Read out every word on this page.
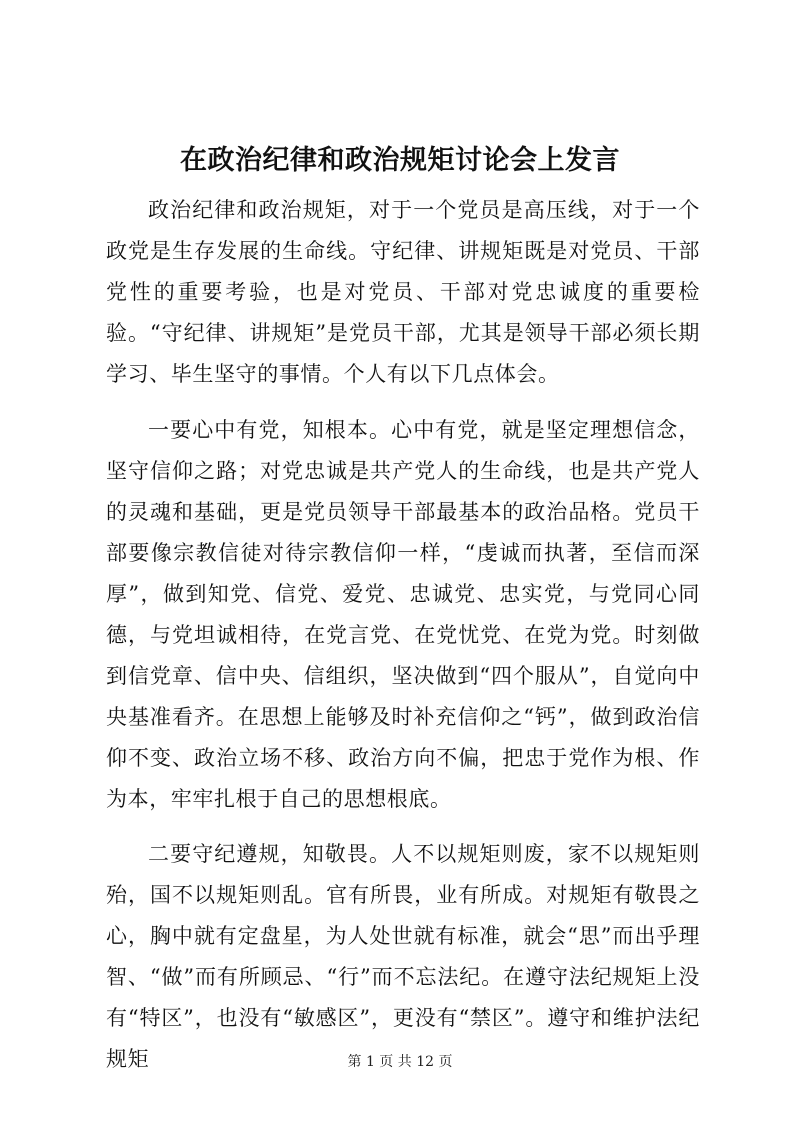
在政治纪律和政治规矩讨论会上发言

政治纪律和政治规矩，对于一个党员是高压线，对于一个政党是生存发展的生命线。守纪律、讲规矩既是对党员、干部党性的重要考验，也是对党员、干部对党忠诚度的重要检验。“守纪律、讲规矩”是党员干部，尤其是领导干部必须长期学习、毕生坚守的事情。个人有以下几点体会。

一要心中有党，知根本。心中有党，就是坚定理想信念，坚守信仰之路；对党忠诚是共产党人的生命线，也是共产党人的灵魂和基础，更是党员领导干部最基本的政治品格。党员干部要像宗教信徒对待宗教信仰一样，“虔诚而执著，至信而深厚”，做到知党、信党、爱党、忠诚党、忠实党，与党同心同德，与党坦诚相待，在党言党、在党忧党、在党为党。时刻做到信党章、信中央、信组织，坚决做到“四个服从”，自觉向中央基准看齐。在思想上能够及时补充信仰之“钙”，做到政治信仰不变、政治立场不移、政治方向不偏，把忠于党作为根、作为本，牢牢扎根于自己的思想根底。

二要守纪遵规，知敬畏。人不以规矩则废，家不以规矩则殆，国不以规矩则乱。官有所畏，业有所成。对规矩有敬畏之心，胸中就有定盘星，为人处世就有标准，就会“思”而出乎理智、“做”而有所顾忌、“行”而不忘法纪。在遵守法纪规矩上没有“特区”，也没有“敏感区”，更没有“禁区”。遵守和维护法纪规矩	第 1 页 共 12 页
